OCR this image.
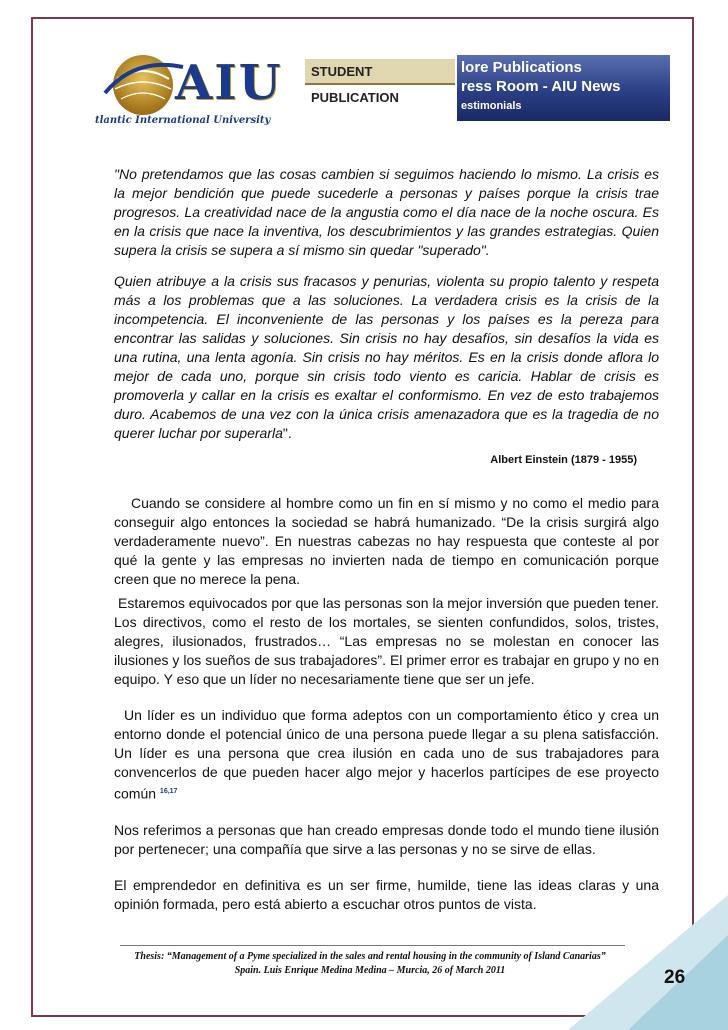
AIU
tlantic International University
STUDENT PUBLICATION
lore Publications
ress Room - AIU News
estimonials

"No pretendamos que las cosas cambien si seguimos haciendo lo mismo. La crisis es la mejor bendición que puede sucederle a personas y países porque la crisis trae progresos. La creatividad nace de la angustia como el día nace de la noche oscura. Es en la crisis que nace la inventiva, los descubrimientos y las grandes estrategias. Quien supera la crisis se supera a sí mismo sin quedar "superado".

Quien atribuye a la crisis sus fracasos y penurias, violenta su propio talento y respeta más a los problemas que a las soluciones. La verdadera crisis es la crisis de la incompetencia. El inconveniente de las personas y los países es la pereza para encontrar las salidas y soluciones. Sin crisis no hay desafíos, sin desafíos la vida es una rutina, una lenta agonía. Sin crisis no hay méritos. Es en la crisis donde aflora lo mejor de cada uno, porque sin crisis todo viento es caricia. Hablar de crisis es promoverla y callar en la crisis es exaltar el conformismo. En vez de esto trabajemos duro. Acabemos de una vez con la única crisis amenazadora que es la tragedia de no querer luchar por superarla".

Albert Einstein (1879 - 1955)

Cuando se considere al hombre como un fin en sí mismo y no como el medio para conseguir algo entonces la sociedad se habrá humanizado. “De la crisis surgirá algo verdaderamente nuevo”. En nuestras cabezas no hay respuesta que conteste al por qué la gente y las empresas no invierten nada de tiempo en comunicación porque creen que no merece la pena.

Estaremos equivocados por que las personas son la mejor inversión que pueden tener. Los directivos, como el resto de los mortales, se sienten confundidos, solos, tristes, alegres, ilusionados, frustrados… “Las empresas no se molestan en conocer las ilusiones y los sueños de sus trabajadores”. El primer error es trabajar en grupo y no en equipo. Y eso que un líder no necesariamente tiene que ser un jefe.

Un líder es un individuo que forma adeptos con un comportamiento ético y crea un entorno donde el potencial único de una persona puede llegar a su plena satisfacción. Un líder es una persona que crea ilusión en cada uno de sus trabajadores para convencerlos de que pueden hacer algo mejor y hacerlos partícipes de ese proyecto común $^{16,17}$

Nos referimos a personas que han creado empresas donde todo el mundo tiene ilusión por pertenecer; una compañía que sirve a las personas y no se sirve de ellas.

El emprendedor en definitiva es un ser firme, humilde, tiene las ideas claras y una opinión formada, pero está abierto a escuchar otros puntos de vista.

Thesis: “Management of a Pyme specialized in the sales and rental housing in the community of Island Canarias”
Spain. Luis Enrique Medina Medina – Murcia, 26 of March 2011	26
